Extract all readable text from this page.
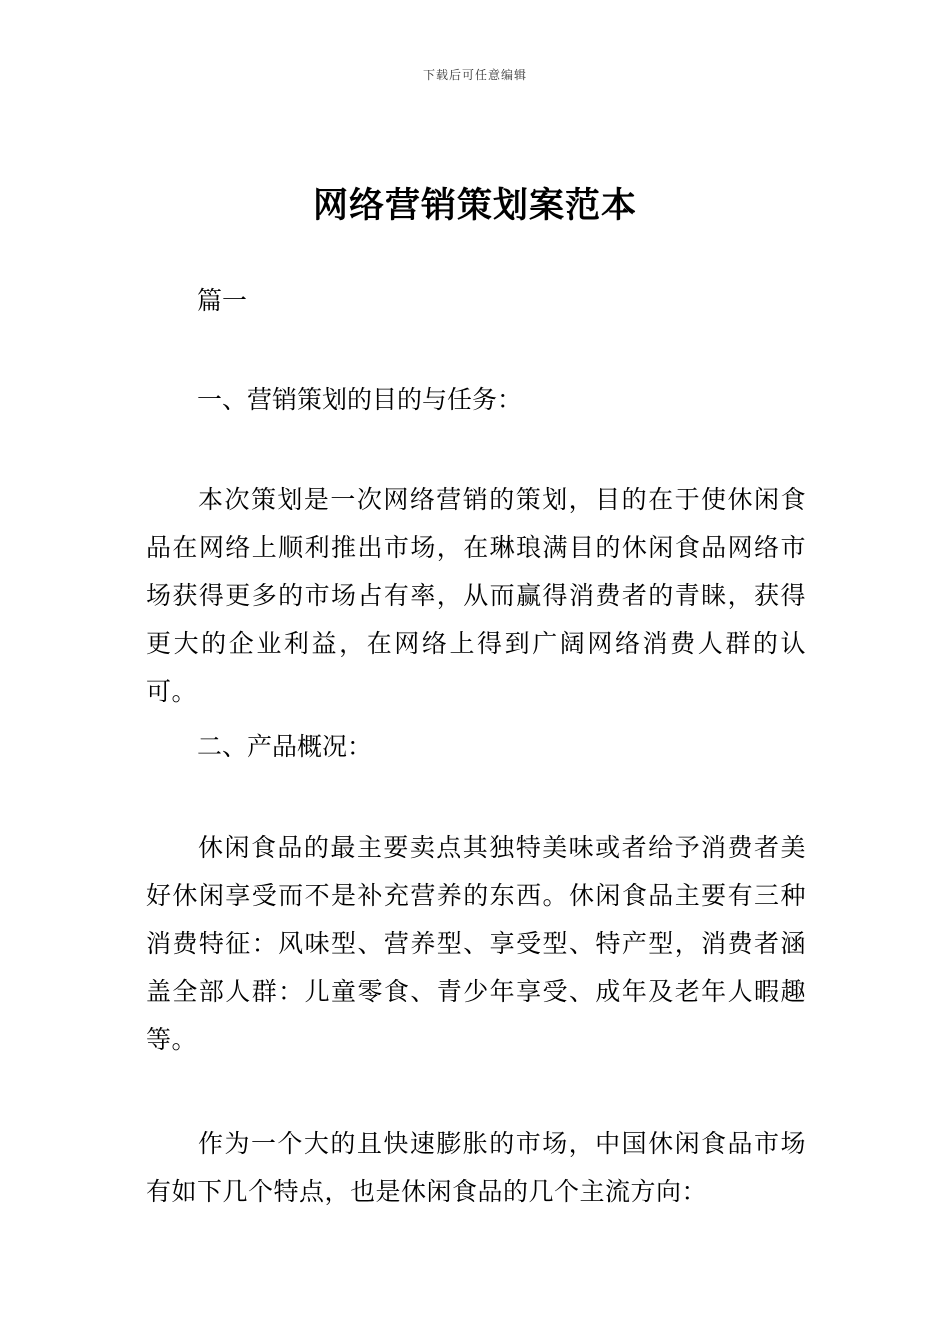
下载后可任意编辑
网络营销策划案范本
篇一
一、营销策划的目的与任务：
本次策划是一次网络营销的策划，目的在于使休闲食品在网络上顺利推出市场，在琳琅满目的休闲食品网络市场获得更多的市场占有率，从而赢得消费者的青睐，获得更大的企业利益，在网络上得到广阔网络消费人群的认可。
二、产品概况：
休闲食品的最主要卖点其独特美味或者给予消费者美好休闲享受而不是补充营养的东西。休闲食品主要有三种消费特征：风味型、营养型、享受型、特产型，消费者涵盖全部人群：儿童零食、青少年享受、成年及老年人暇趣等。
作为一个大的且快速膨胀的市场，中国休闲食品市场有如下几个特点，也是休闲食品的几个主流方向：
